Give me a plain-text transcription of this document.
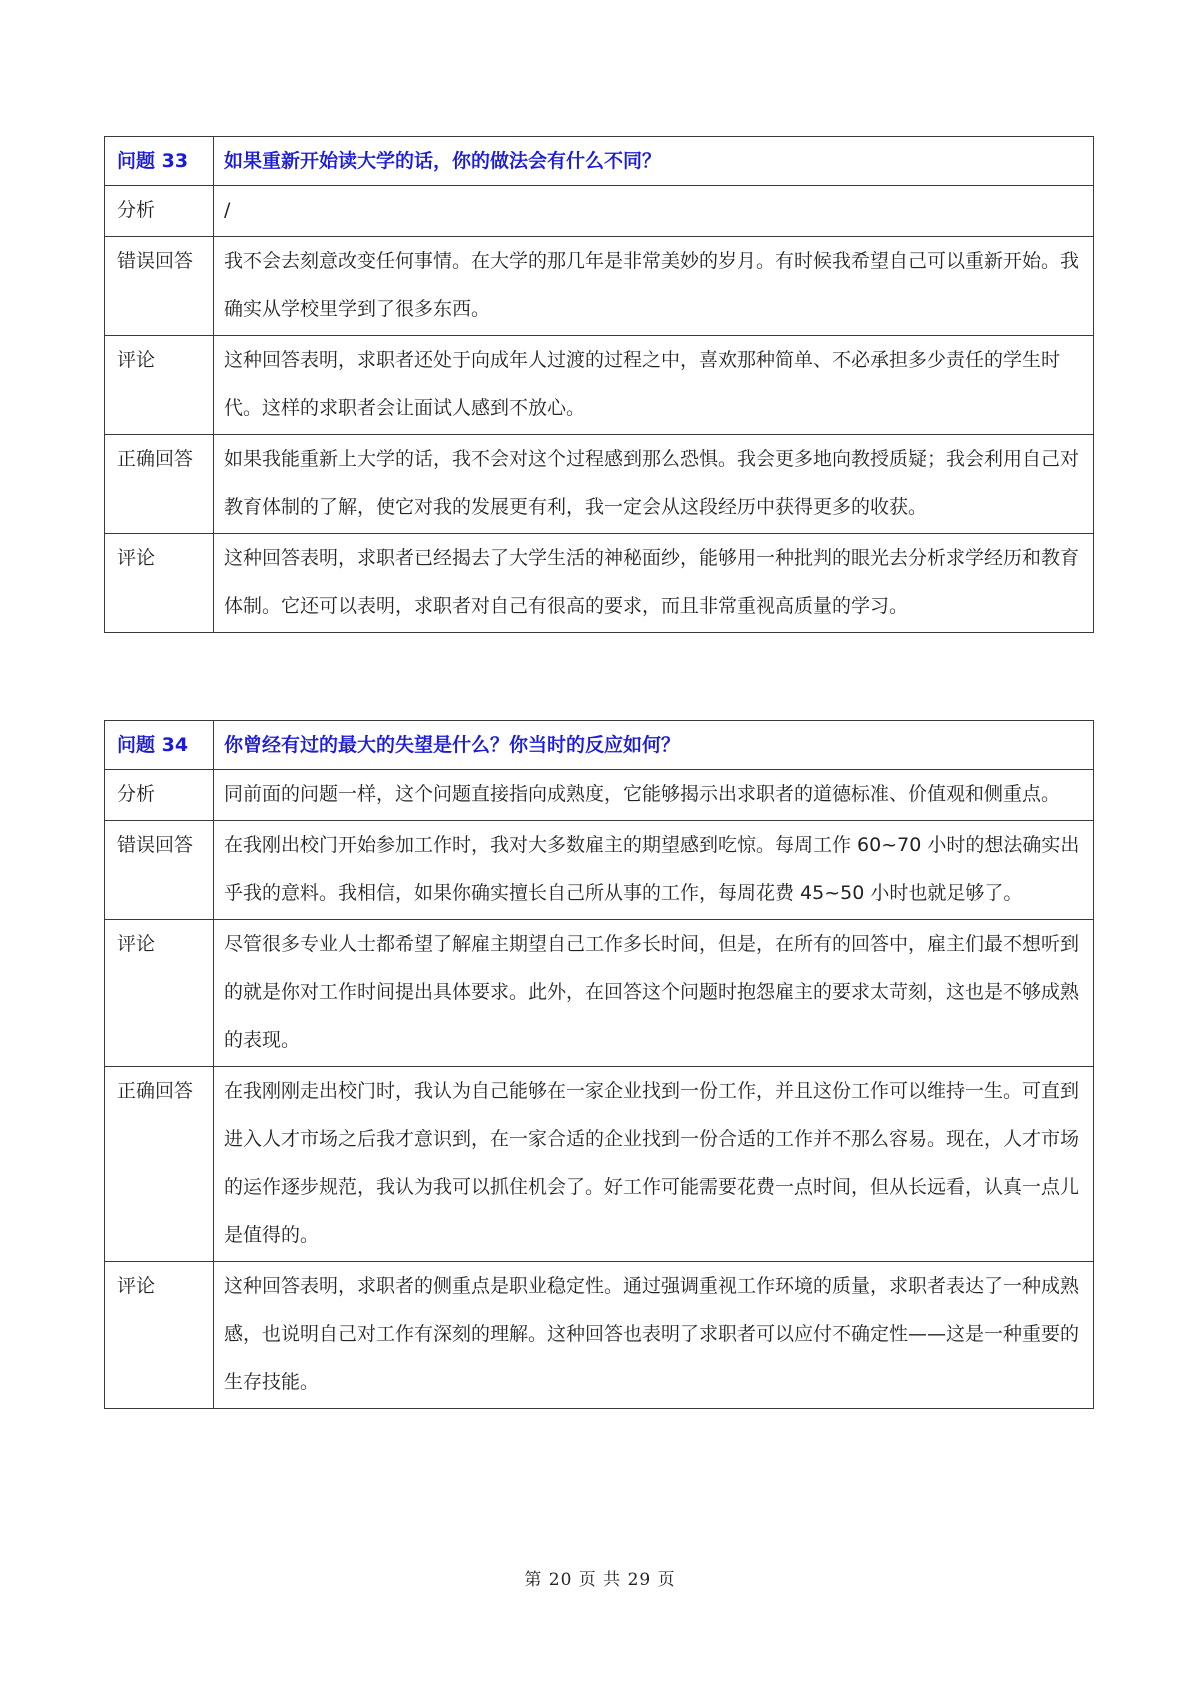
问题 33	如果重新开始读大学的话，你的做法会有什么不同？
分析	/
错误回答	我不会去刻意改变任何事情。在大学的那几年是非常美妙的岁月。有时候我希望自己可以重新开始。我确实从学校里学到了很多东西。
评论	这种回答表明，求职者还处于向成年人过渡的过程之中，喜欢那种简单、不必承担多少责任的学生时代。这样的求职者会让面试人感到不放心。
正确回答	如果我能重新上大学的话，我不会对这个过程感到那么恐惧。我会更多地向教授质疑；我会利用自己对教育体制的了解，使它对我的发展更有利，我一定会从这段经历中获得更多的收获。
评论	这种回答表明，求职者已经揭去了大学生活的神秘面纱，能够用一种批判的眼光去分析求学经历和教育体制。它还可以表明，求职者对自己有很高的要求，而且非常重视高质量的学习。
问题 34	你曾经有过的最大的失望是什么？你当时的反应如何？
分析	同前面的问题一样，这个问题直接指向成熟度，它能够揭示出求职者的道德标准、价值观和侧重点。
错误回答	在我刚出校门开始参加工作时，我对大多数雇主的期望感到吃惊。每周工作 60~70 小时的想法确实出乎我的意料。我相信，如果你确实擅长自己所从事的工作，每周花费 45~50 小时也就足够了。
评论	尽管很多专业人士都希望了解雇主期望自己工作多长时间，但是，在所有的回答中，雇主们最不想听到的就是你对工作时间提出具体要求。此外，在回答这个问题时抱怨雇主的要求太苛刻，这也是不够成熟的表现。
正确回答	在我刚刚走出校门时，我认为自己能够在一家企业找到一份工作，并且这份工作可以维持一生。可直到进入人才市场之后我才意识到，在一家合适的企业找到一份合适的工作并不那么容易。现在，人才市场的运作逐步规范，我认为我可以抓住机会了。好工作可能需要花费一点时间，但从长远看，认真一点儿是值得的。
评论	这种回答表明，求职者的侧重点是职业稳定性。通过强调重视工作环境的质量，求职者表达了一种成熟感，也说明自己对工作有深刻的理解。这种回答也表明了求职者可以应付不确定性——这是一种重要的生存技能。
第 20 页 共 29 页
